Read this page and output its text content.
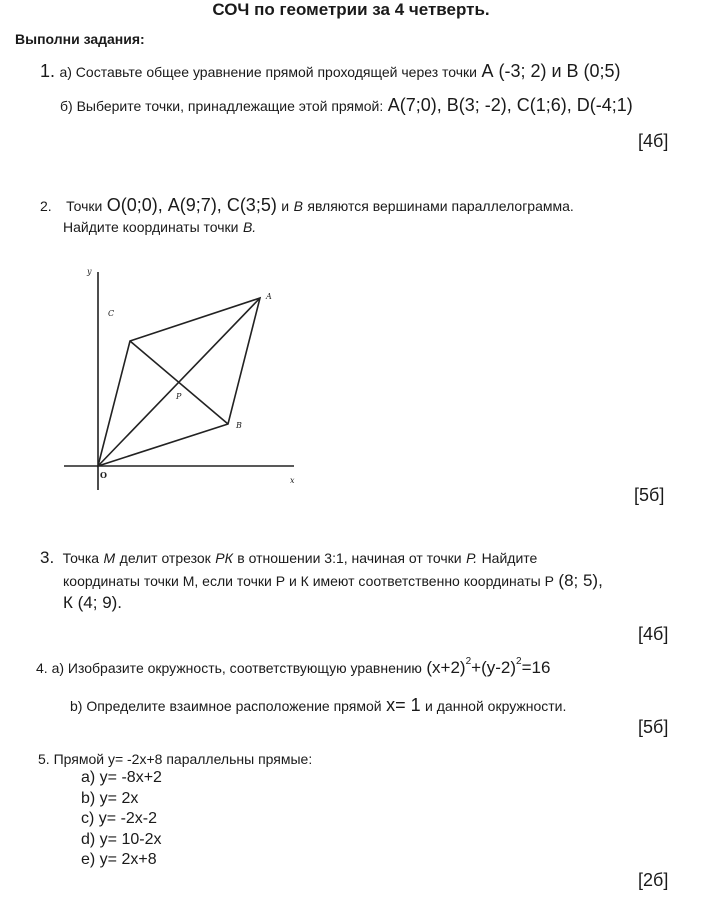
СОЧ по геометрии за 4 четверть.
Выполни задания:
1. а) Составьте общее уравнение прямой проходящей через точки А (-3; 2) и В (0;5)
б) Выберите точки, принадлежащие этой прямой: А(7;0), В(3; -2), С(1;6), D(-4;1)
[4б]
2. Точки О(0;0), А(9;7), С(3;5) и В являются вершинами параллелограмма.
Найдите координаты точки B.
y
C
A
P
B
O
x
[5б]
3. Точка М делит отрезок РК в отношении 3:1, начиная от точки Р. Найдите
координаты точки М, если точки Р и К имеют соответственно координаты Р (8; 5),
К (4; 9).
[4б]
4. а) Изобразите окружность, соответствующую уравнению $(x+2)^2+(y-2)^2=16$
b) Определите взаимное расположение прямой x= 1 и данной окружности.
[5б]
5. Прямой y= -2x+8 параллельны прямые:
а) y= -8x+2
b) y= 2x
c) y= -2x-2
d) y= 10-2x
e) y= 2x+8
[2б]
